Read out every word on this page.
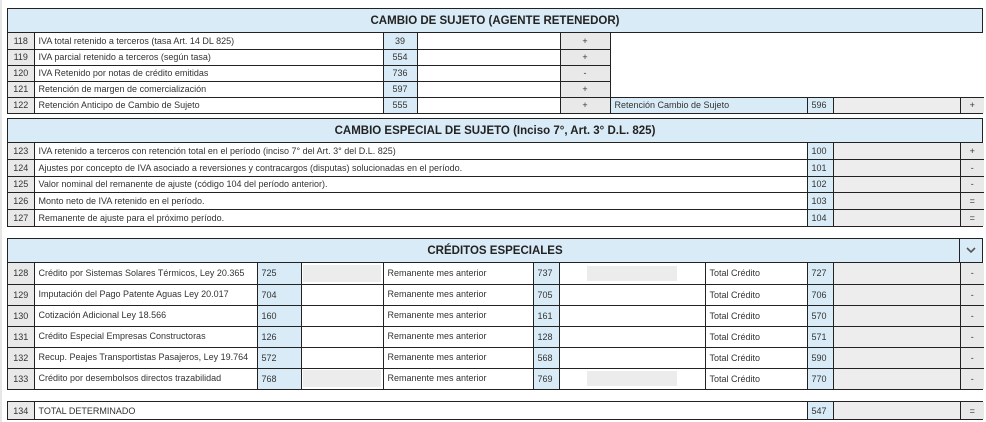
CAMBIO DE SUJETO (AGENTE RETENEDOR)
118	IVA total retenido a terceros (tasa Art. 14 DL 825)	39		+				
119	IVA parcial retenido a terceros (según tasa)	554		+				
120	IVA Retenido por notas de crédito emitidas	736		-				
121	Retención de margen de comercialización	597		+				
122	Retención Anticipo de Cambio de Sujeto	555		+	Retención Cambio de Sujeto	596		+
CAMBIO ESPECIAL DE SUJETO (Inciso 7°, Art. 3° D.L. 825)
123	IVA retenido a terceros con retención total en el período (inciso 7° del Art. 3° del D.L. 825)	100		+
124	Ajustes por concepto de IVA asociado a reversiones y contracargos (disputas) solucionadas en el período.	101		-
125	Valor nominal del remanente de ajuste (código 104 del período anterior).	102		-
126	Monto neto de IVA retenido en el período.	103		=
127	Remanente de ajuste para el próximo período.	104		=
CRÉDITOS ESPECIALES
128	Crédito por Sistemas Solares Térmicos, Ley 20.365	725		Remanente mes anterior	737		Total Crédito	727		-
129	Imputación del Pago Patente Aguas Ley 20.017	704		Remanente mes anterior	705		Total Crédito	706		-
130	Cotización Adicional Ley 18.566	160		Remanente mes anterior	161		Total Crédito	570		-
131	Crédito Especial Empresas Constructoras	126		Remanente mes anterior	128		Total Crédito	571		-
132	Recup. Peajes Transportistas Pasajeros, Ley 19.764	572		Remanente mes anterior	568		Total Crédito	590		-
133	Crédito por desembolsos directos trazabilidad	768		Remanente mes anterior	769		Total Crédito	770		-
134	TOTAL DETERMINADO	547		=
